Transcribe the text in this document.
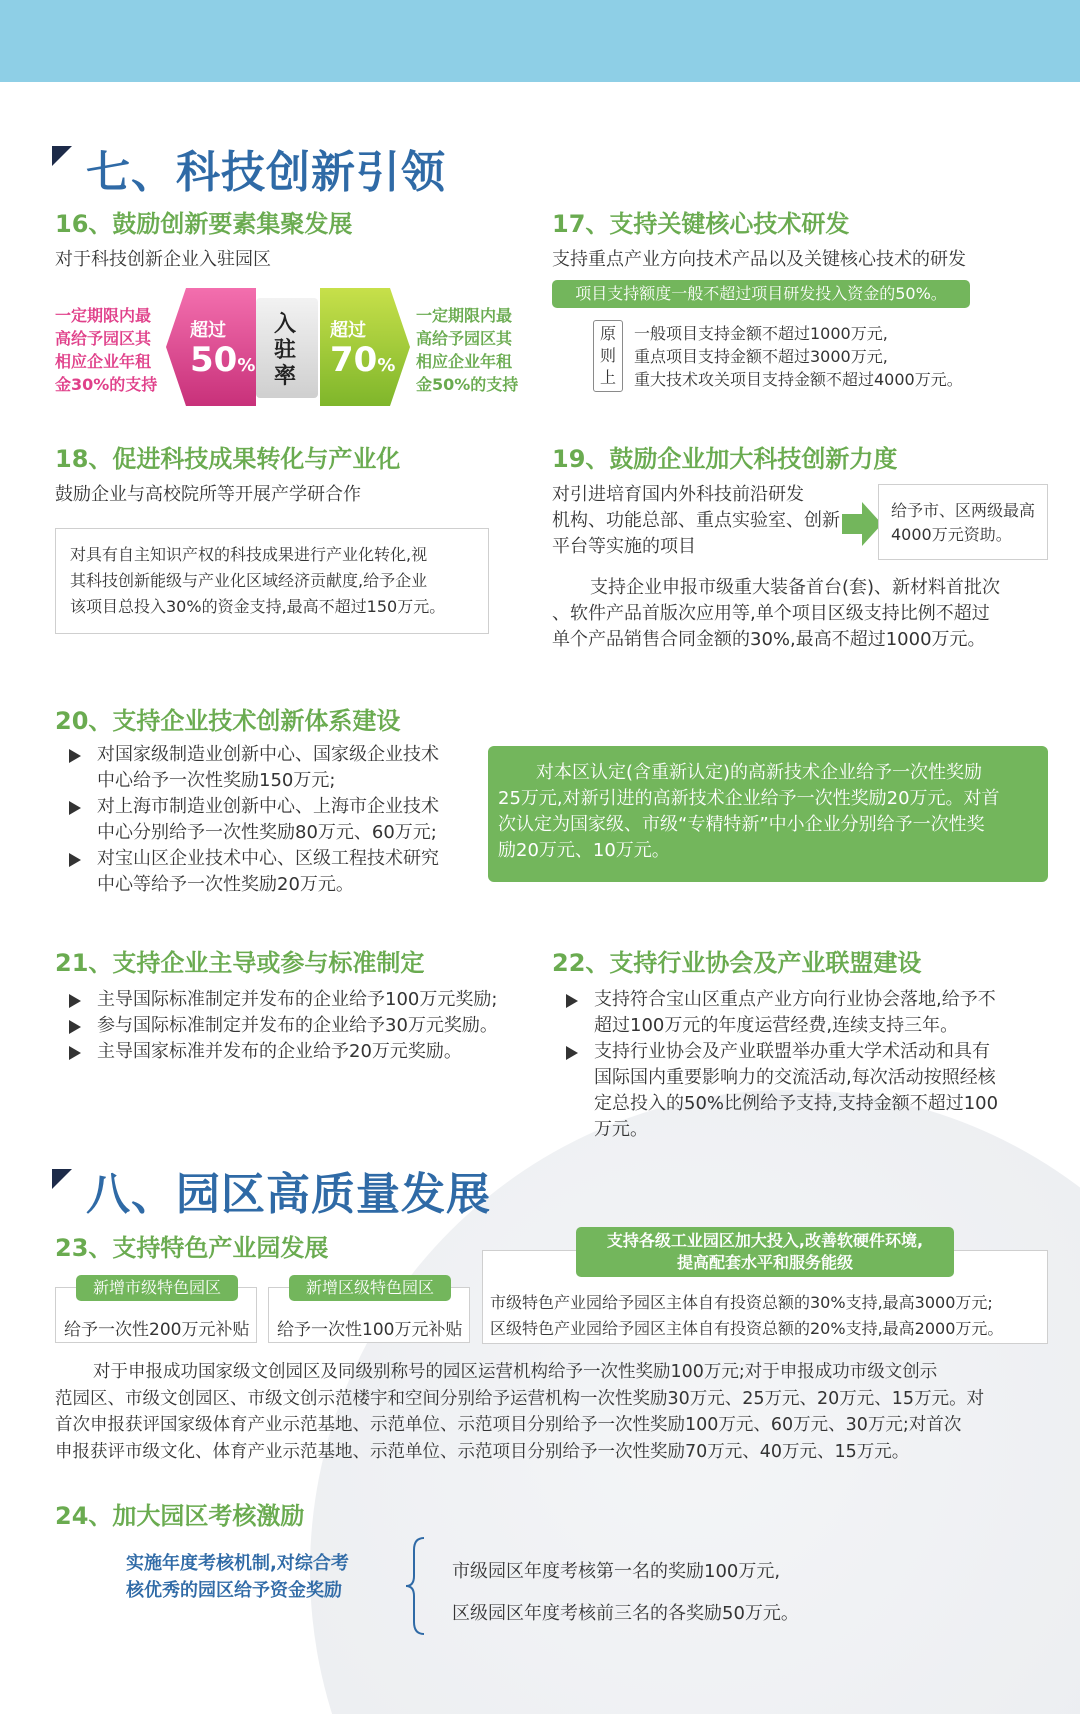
七、科技创新引领
16、鼓励创新要素集聚发展
对于科技创新企业入驻园区
一定期限内最
高给予园区其
相应企业年租
金30%的支持
超过
50%
入
驻
率
超过
70%
一定期限内最
高给予园区其
相应企业年租
金50%的支持
17、支持关键核心技术研发
支持重点产业方向技术产品以及关键核心技术的研发
项目支持额度一般不超过项目研发投入资金的50%。
原
则
上
一般项目支持金额不超过1000万元,
重点项目支持金额不超过3000万元,
重大技术攻关项目支持金额不超过4000万元。
18、促进科技成果转化与产业化
鼓励企业与高校院所等开展产学研合作
对具有自主知识产权的科技成果进行产业化转化,视
其科技创新能级与产业化区域经济贡献度,给予企业
该项目总投入30%的资金支持,最高不超过150万元。
19、鼓励企业加大科技创新力度
对引进培育国内外科技前沿研发
机构、功能总部、重点实验室、创新
平台等实施的项目
给予市、区两级最高
4000万元资助。
支持企业申报市级重大装备首台(套)、新材料首批次
、软件产品首版次应用等,单个项目区级支持比例不超过
单个产品销售合同金额的30%,最高不超过1000万元。
20、支持企业技术创新体系建设
对国家级制造业创新中心、国家级企业技术
中心给予一次性奖励150万元;
对上海市制造业创新中心、上海市企业技术
中心分别给予一次性奖励80万元、60万元;
对宝山区企业技术中心、区级工程技术研究
中心等给予一次性奖励20万元。
对本区认定(含重新认定)的高新技术企业给予一次性奖励
25万元,对新引进的高新技术企业给予一次性奖励20万元。对首
次认定为国家级、市级“专精特新”中小企业分别给予一次性奖
励20万元、10万元。
21、支持企业主导或参与标准制定
主导国际标准制定并发布的企业给予100万元奖励;
参与国际标准制定并发布的企业给予30万元奖励。
主导国家标准并发布的企业给予20万元奖励。
22、支持行业协会及产业联盟建设
支持符合宝山区重点产业方向行业协会落地,给予不
超过100万元的年度运营经费,连续支持三年。
支持行业协会及产业联盟举办重大学术活动和具有
国际国内重要影响力的交流活动,每次活动按照经核
定总投入的50%比例给予支持,支持金额不超过100
万元。
八、园区高质量发展
23、支持特色产业园发展
新增市级特色园区
给予一次性200万元补贴
新增区级特色园区
给予一次性100万元补贴
支持各级工业园区加大投入,改善软硬件环境,
提高配套水平和服务能级
市级特色产业园给予园区主体自有投资总额的30%支持,最高3000万元;
区级特色产业园给予园区主体自有投资总额的20%支持,最高2000万元。
对于申报成功国家级文创园区及同级别称号的园区运营机构给予一次性奖励100万元;对于申报成功市级文创示
范园区、市级文创园区、市级文创示范楼宇和空间分别给予运营机构一次性奖励30万元、25万元、20万元、15万元。对
首次申报获评国家级体育产业示范基地、示范单位、示范项目分别给予一次性奖励100万元、60万元、30万元;对首次
申报获评市级文化、体育产业示范基地、示范单位、示范项目分别给予一次性奖励70万元、40万元、15万元。
24、加大园区考核激励
实施年度考核机制,对综合考
核优秀的园区给予资金奖励
市级园区年度考核第一名的奖励100万元,
区级园区年度考核前三名的各奖励50万元。
